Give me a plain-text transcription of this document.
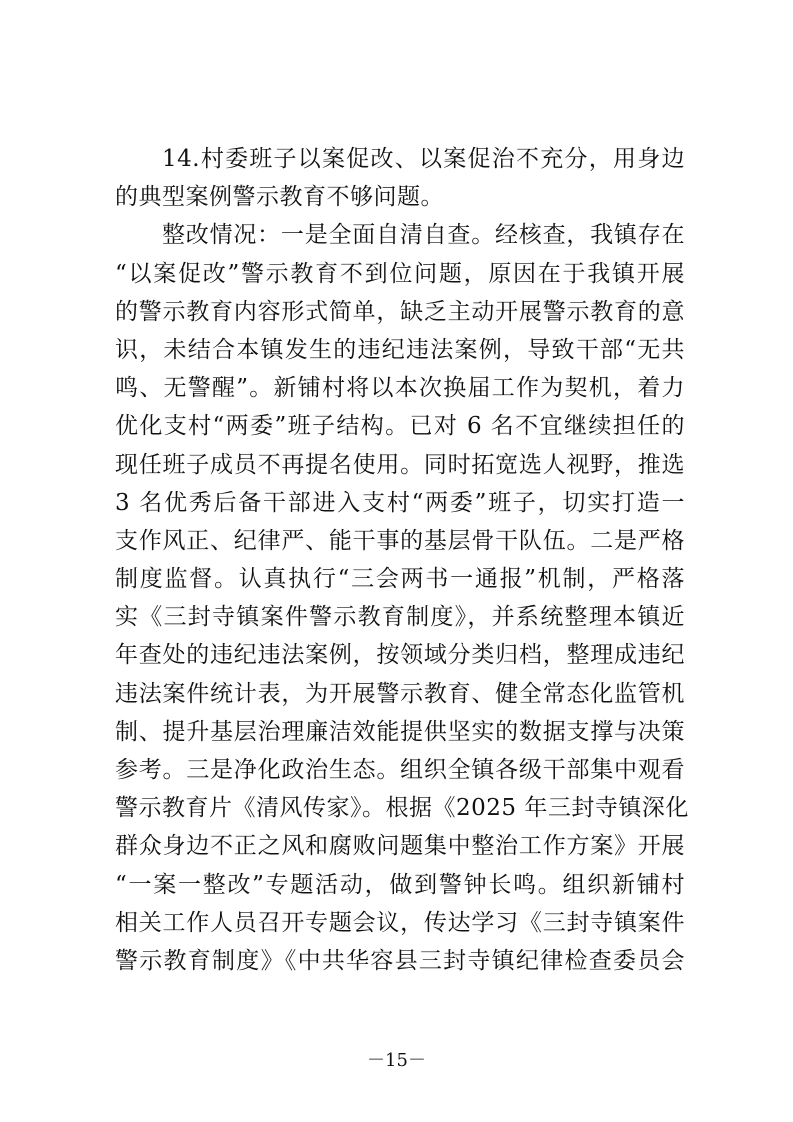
14.村委班子以案促改、以案促治不充分，用身边
的典型案例警示教育不够问题。
整改情况：一是全面自清自查。经核查，我镇存在
“以案促改”警示教育不到位问题，原因在于我镇开展
的警示教育内容形式简单，缺乏主动开展警示教育的意
识，未结合本镇发生的违纪违法案例，导致干部“无共
鸣、无警醒”。新铺村将以本次换届工作为契机，着力
优化支村“两委”班子结构。已对 6 名不宜继续担任的
现任班子成员不再提名使用。同时拓宽选人视野，推选
3 名优秀后备干部进入支村“两委”班子，切实打造一
支作风正、纪律严、能干事的基层骨干队伍。二是严格
制度监督。认真执行“三会两书一通报”机制，严格落
实《三封寺镇案件警示教育制度》，并系统整理本镇近
年查处的违纪违法案例，按领域分类归档，整理成违纪
违法案件统计表，为开展警示教育、健全常态化监管机
制、提升基层治理廉洁效能提供坚实的数据支撑与决策
参考。三是净化政治生态。组织全镇各级干部集中观看
警示教育片《清风传家》。根据《2025 年三封寺镇深化
群众身边不正之风和腐败问题集中整治工作方案》开展
“一案一整改”专题活动，做到警钟长鸣。组织新铺村
相关工作人员召开专题会议，传达学习《三封寺镇案件
警示教育制度》《中共华容县三封寺镇纪律检查委员会
－15－
